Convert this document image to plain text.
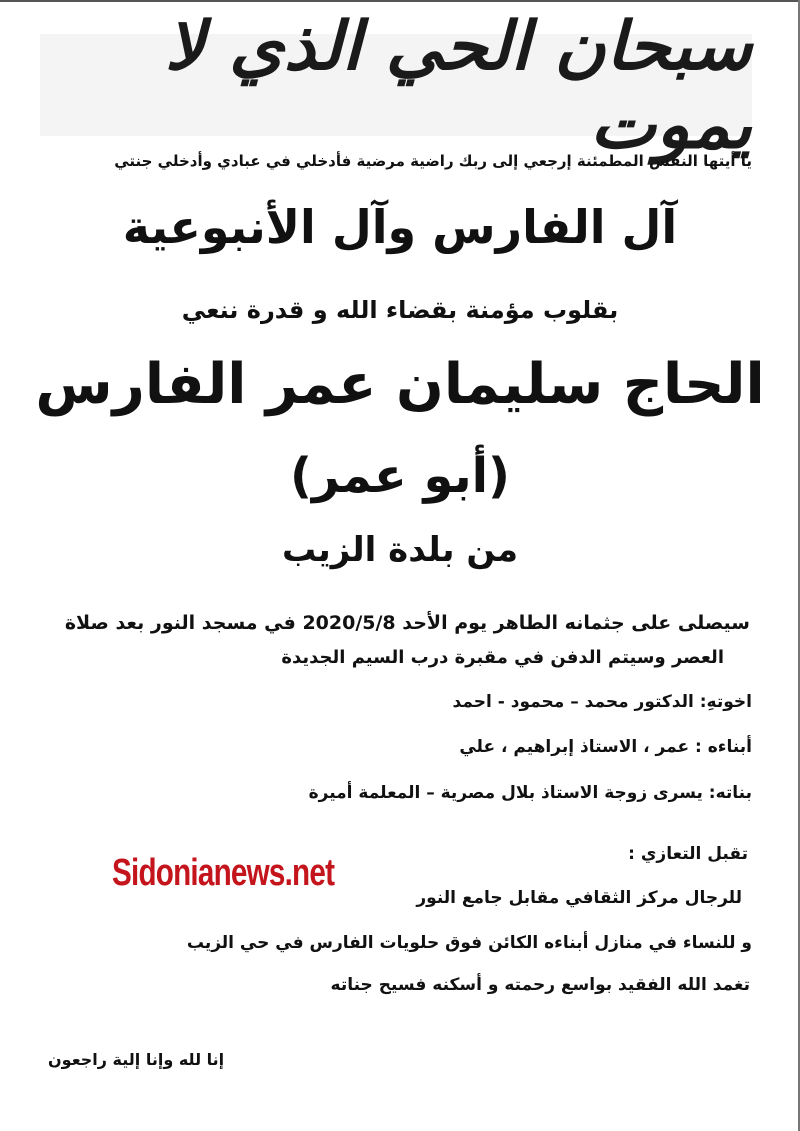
سبحان الحي الذي لا يموت
يا أيتها النفس المطمئنة إرجعي إلى ربك راضية مرضية فأدخلي في عبادي وأدخلي جنتي
آل الفارس وآل الأنبوعية
بقلوب مؤمنة بقضاء الله و قدرة ننعي
الحاج سليمان عمر الفارس
(أبو عمر)
من بلدة الزيب
سيصلى على جثمانه الطاهر يوم الأحد 2020/5/8 في مسجد النور بعد صلاة
العصر وسيتم الدفن في مقبرة درب السيم الجديدة
اخوتهِ: الدكتور محمد – محمود - احمد
أبناءه : عمر ، الاستاذ إبراهيم ، علي
بناته: يسرى زوجة الاستاذ بلال مصرية – المعلمة أميرة
تقبل التعازي :
للرجال مركز الثقافي مقابل جامع النور
و للنساء في منازل أبناءه الكائن فوق حلويات الفارس في حي الزيب
تغمد الله الفقيد بواسع رحمته و أسكنه فسيح جناته
إنا لله وإنا إلية راجعون
Sidonianews.net
